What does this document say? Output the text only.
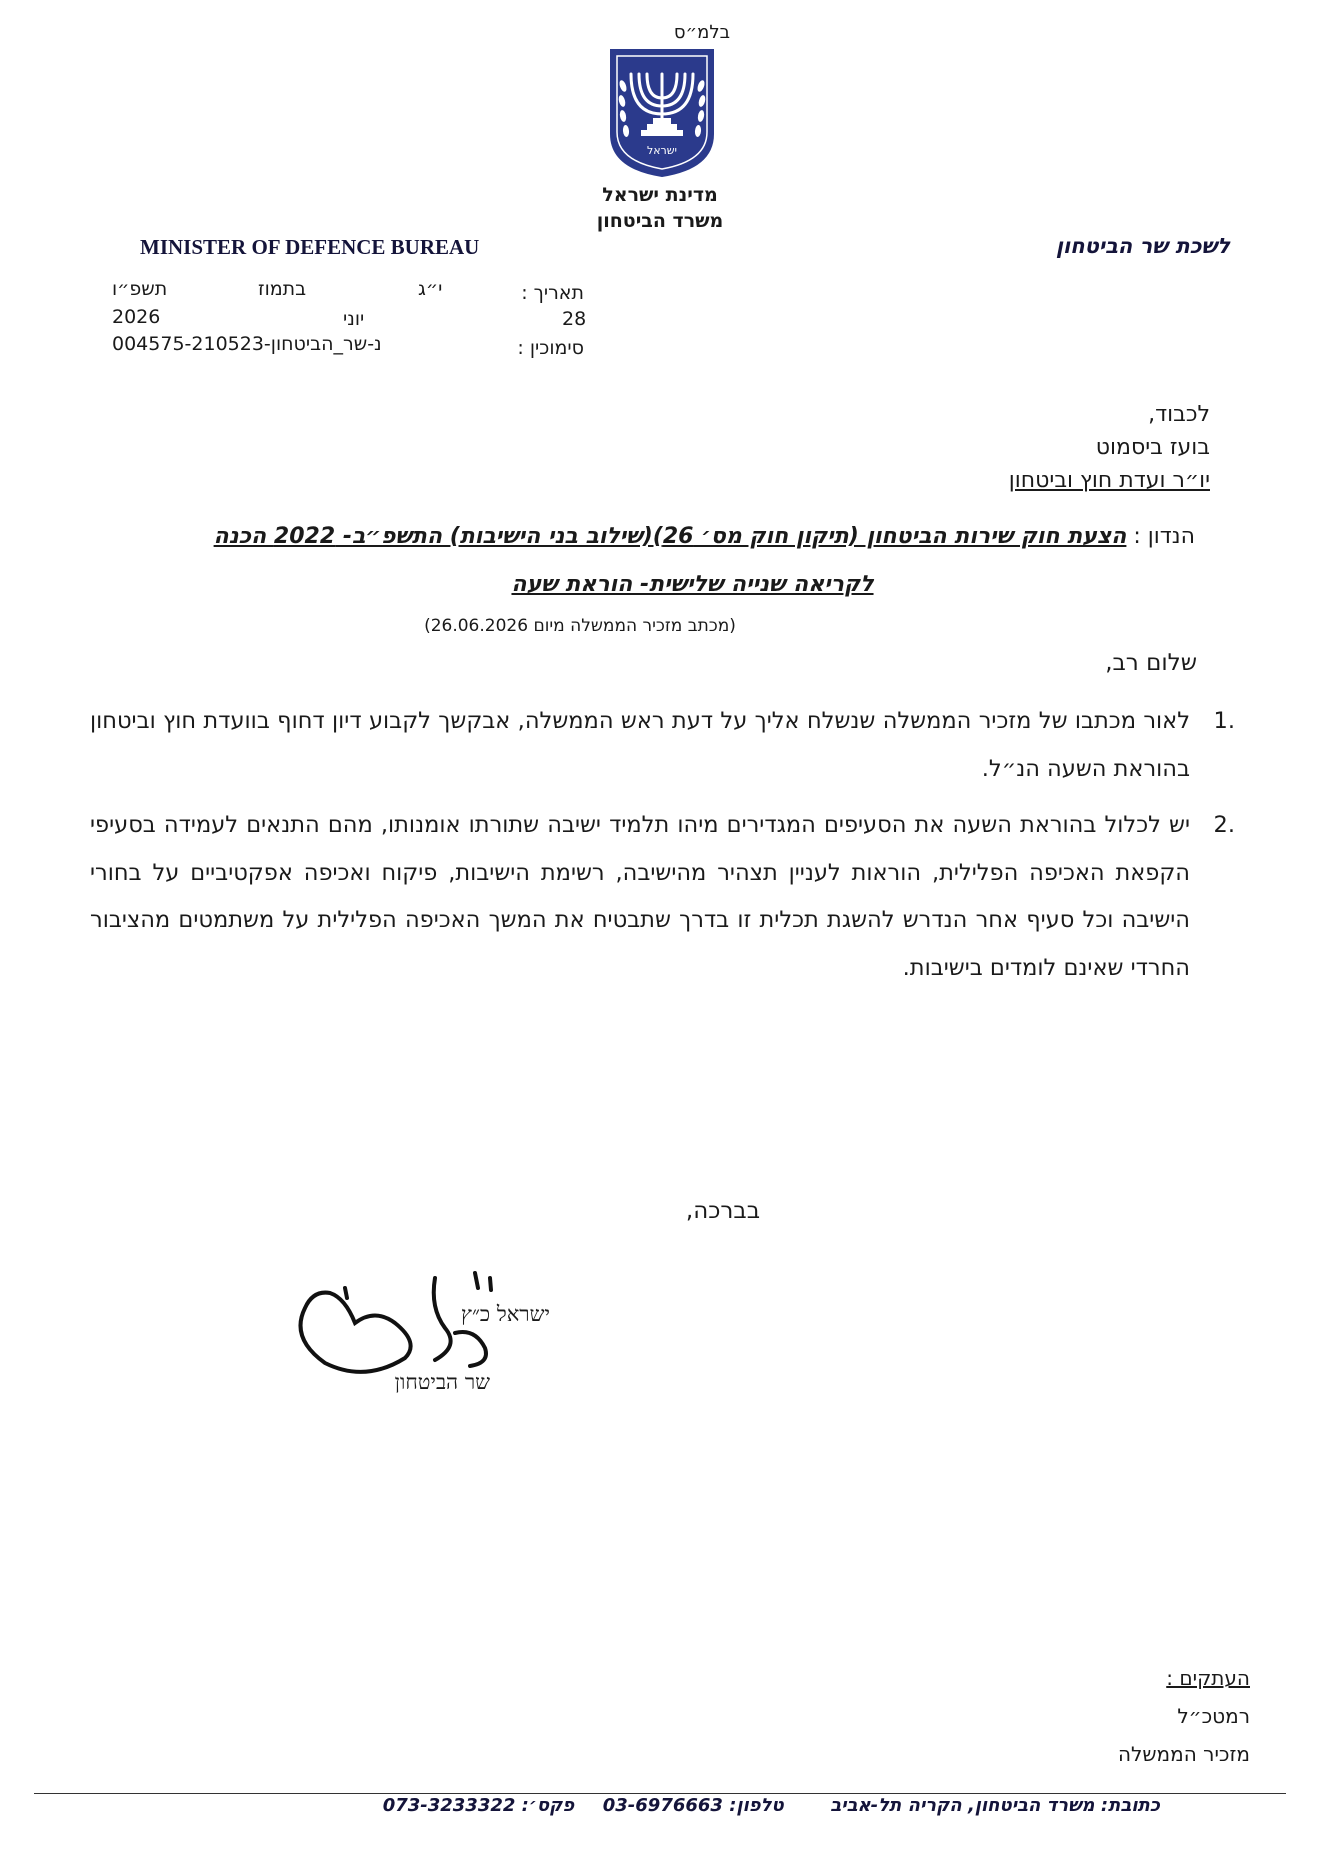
בלמ״ס
ישראל
מדינת ישראל
משרד הביטחון
לשכת שר הביטחון
MINISTER OF DEFENCE BUREAU
תאריך :
י״ג
בתמוז
תשפ״ו
28
יוני
2026
סימוכין :
נ-שר_הביטחון-004575-210523
לכבוד,
בועז ביסמוט
יו״ר ועדת חוץ וביטחון
הנדון : הצעת חוק שירות הביטחון (תיקון חוק מס׳ 26)(שילוב בני הישיבות) התשפ״ב- 2022 הכנה
לקריאה שנייה שלישית- הוראת שעה
(מכתב מזכיר הממשלה מיום 26.06.2026)
שלום רב,
1.
לאור מכתבו של מזכיר הממשלה שנשלח אליך על דעת ראש הממשלה, אבקשך לקבוע דיון דחוף בוועדת חוץ וביטחון בהוראת השעה הנ״ל.
2.
יש לכלול בהוראת השעה את הסעיפים המגדירים מיהו תלמיד ישיבה שתורתו אומנותו, מהם התנאים לעמידה בסעיפי הקפאת האכיפה הפלילית, הוראות לעניין תצהיר מהישיבה, רשימת הישיבות, פיקוח ואכיפה אפקטיביים על בחורי הישיבה וכל סעיף אחר הנדרש להשגת תכלית זו בדרך שתבטיח את המשך האכיפה הפלילית על משתמטים מהציבור החרדי שאינם לומדים בישיבות.
בברכה,
ישראל כ״ץ
שר הביטחון
העתקים :
רמטכ״ל
מזכיר הממשלה
כתובת: משרד הביטחון, הקריה תל-אביב  טלפון: 03-6976663  פקס׳: 073-3233322
